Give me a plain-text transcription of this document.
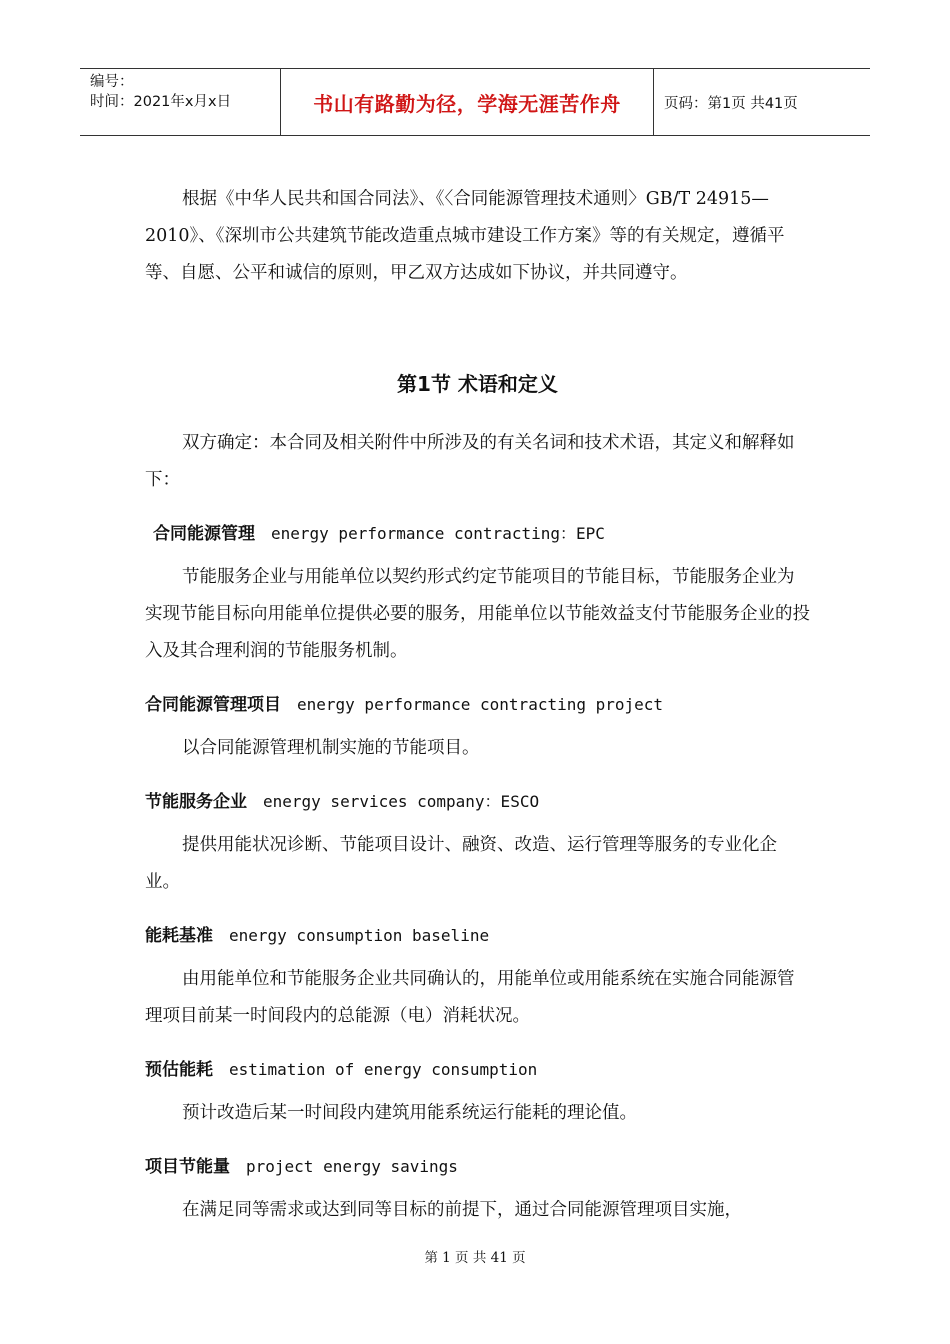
编号：
时间：2021年x月x日	书山有路勤为径，学海无涯苦作舟	页码：第1页 共41页

根据《中华人民共和国合同法》、《〈合同能源管理技术通则〉GB/T 24915—2010》、《深圳市公共建筑节能改造重点城市建设工作方案》等的有关规定，遵循平等、自愿、公平和诚信的原则，甲乙双方达成如下协议，并共同遵守。

第1节 术语和定义

双方确定：本合同及相关附件中所涉及的有关名词和技术术语，其定义和解释如下：

合同能源管理 energy performance contracting：EPC

节能服务企业与用能单位以契约形式约定节能项目的节能目标，节能服务企业为实现节能目标向用能单位提供必要的服务，用能单位以节能效益支付节能服务企业的投入及其合理利润的节能服务机制。

合同能源管理项目 energy performance contracting project

以合同能源管理机制实施的节能项目。

节能服务企业 energy services company：ESCO

提供用能状况诊断、节能项目设计、融资、改造、运行管理等服务的专业化企业。

能耗基准 energy consumption baseline

由用能单位和节能服务企业共同确认的，用能单位或用能系统在实施合同能源管理项目前某一时间段内的总能源（电）消耗状况。

预估能耗 estimation of energy consumption

预计改造后某一时间段内建筑用能系统运行能耗的理论值。

项目节能量 project energy savings

在满足同等需求或达到同等目标的前提下，通过合同能源管理项目实施，

第 1 页 共 41 页
